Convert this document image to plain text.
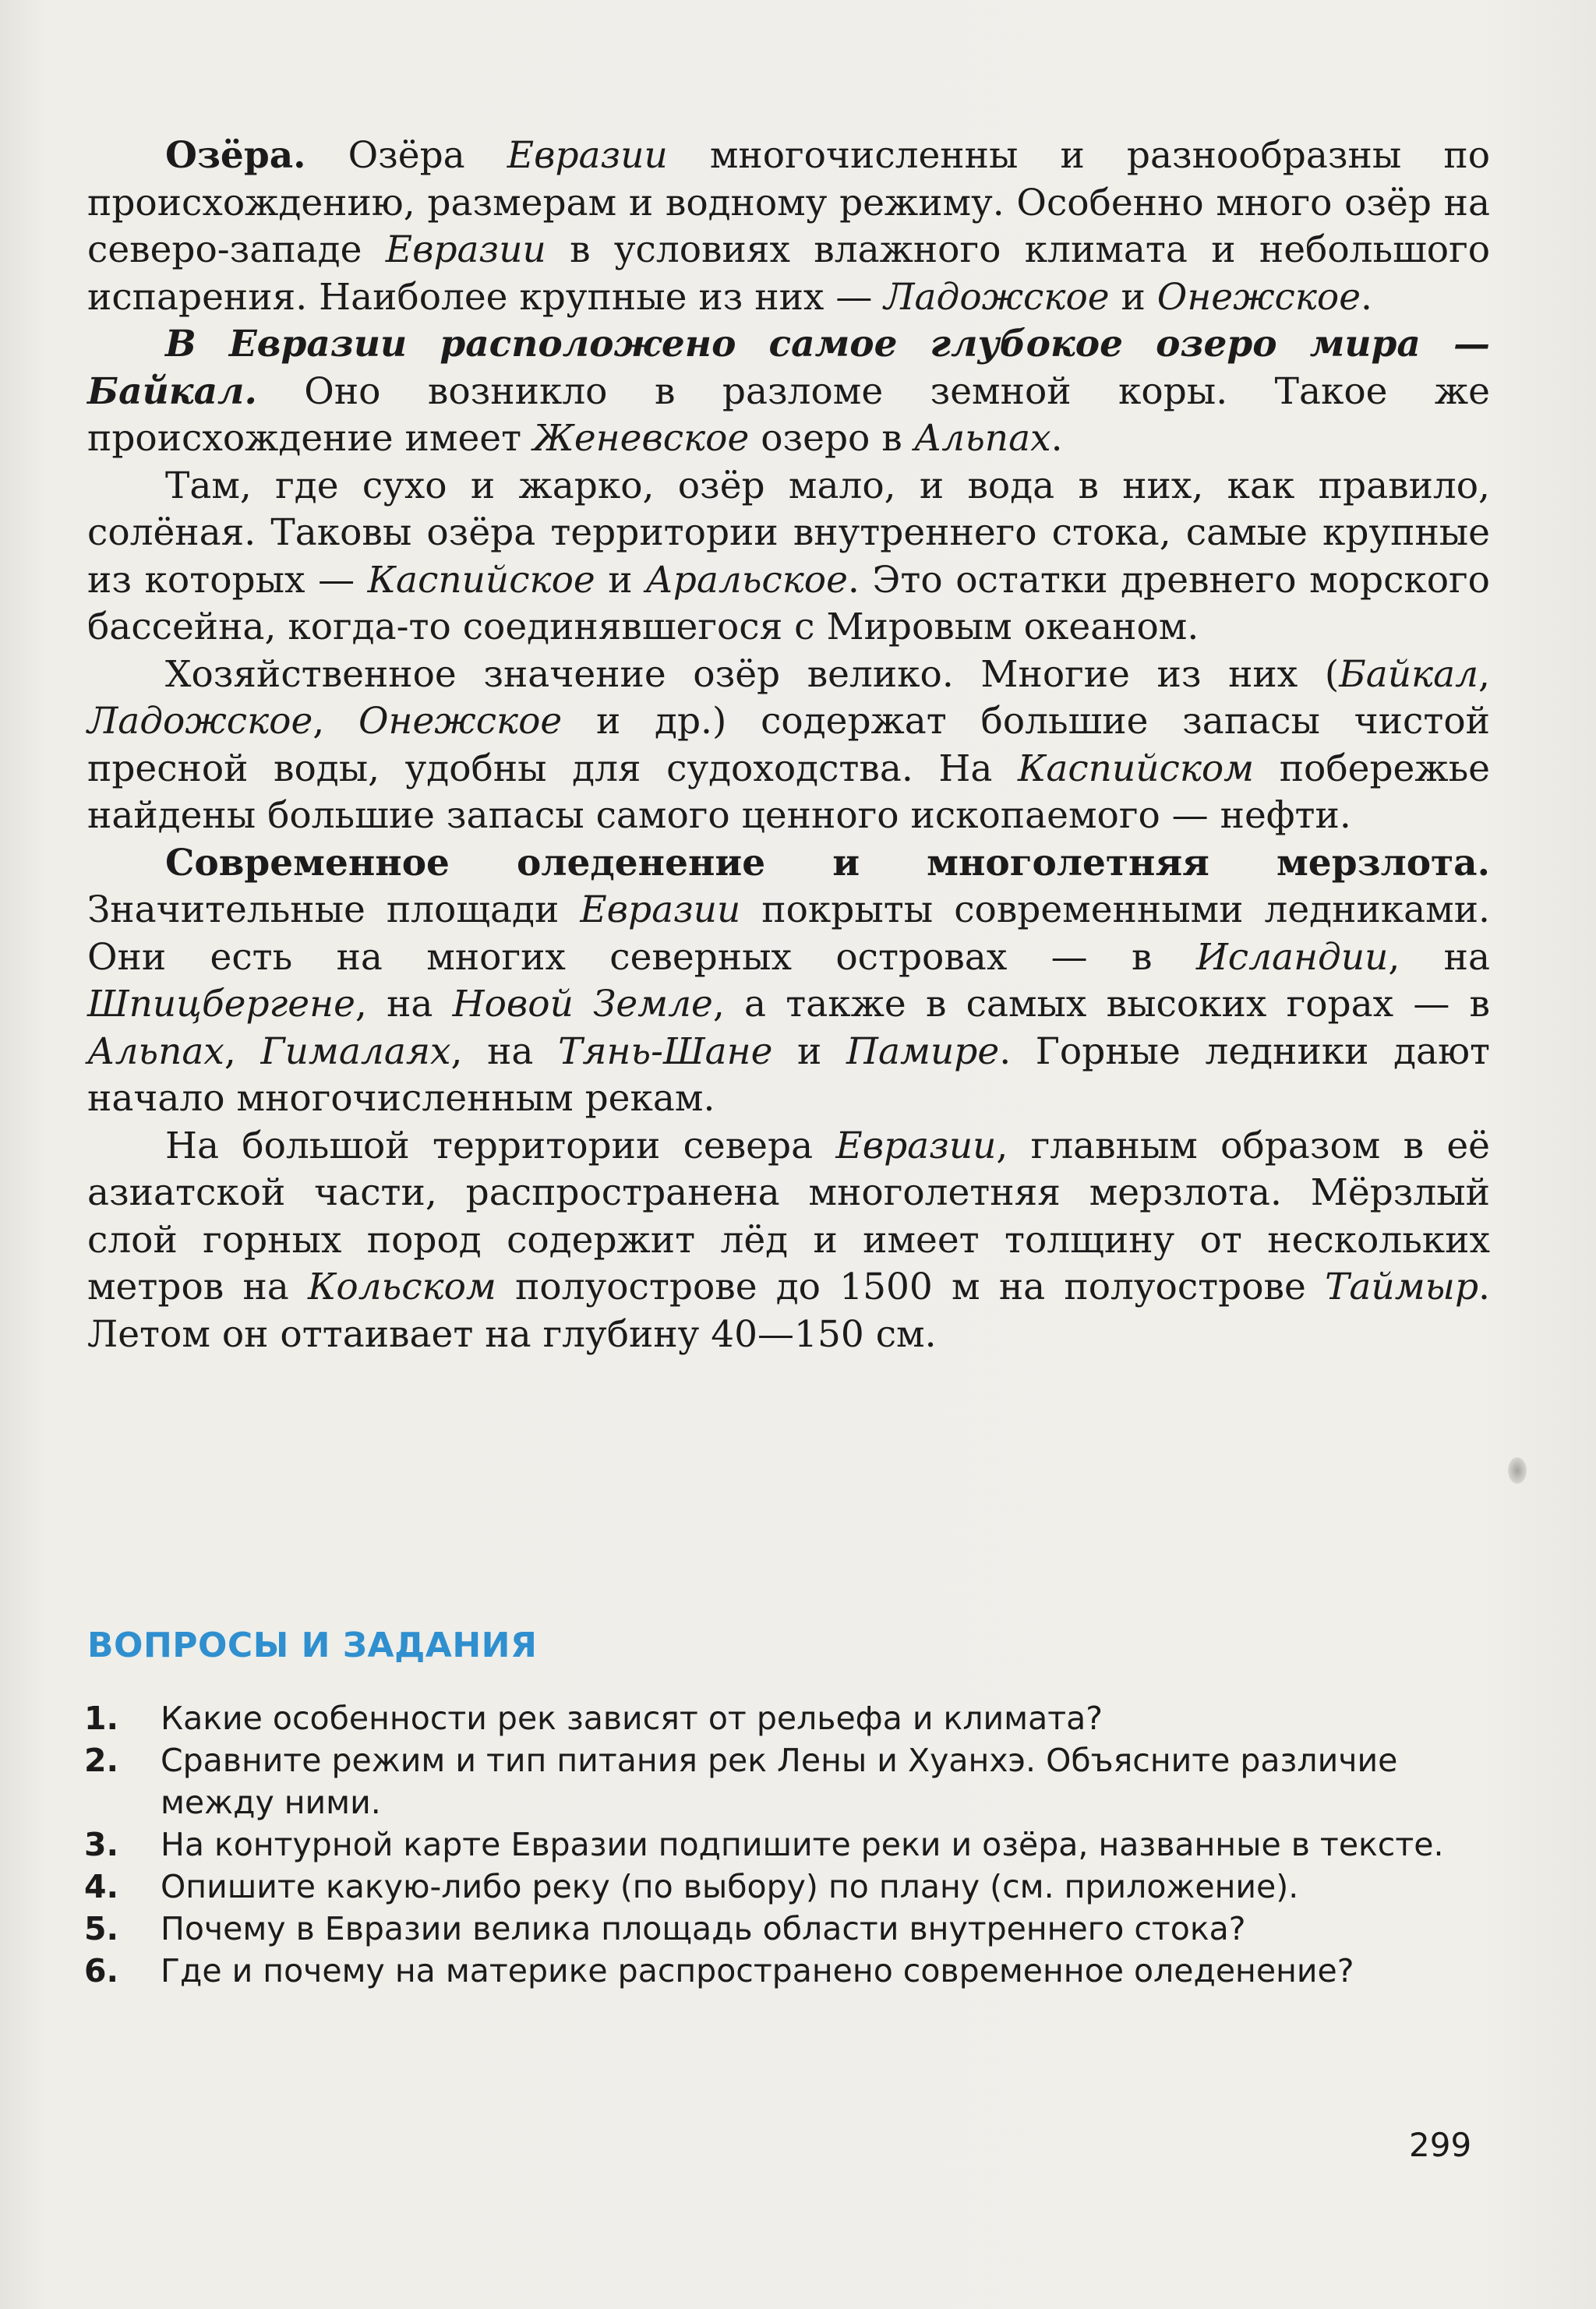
Озёра. Озёра Евразии многочисленны и разнообразны по происхождению, размерам и водному режиму. Особенно много озёр на северо-западе Евразии в условиях влажного климата и небольшого испарения. Наиболее крупные из них — Ладожское и Онежское.

В Евразии расположено самое глубокое озеро мира — Байкал. Оно возникло в разломе земной коры. Такое же происхождение имеет Женевское озеро в Альпах.

Там, где сухо и жарко, озёр мало, и вода в них, как правило, солёная. Таковы озёра территории внутреннего стока, самые крупные из которых — Каспийское и Аральское. Это остатки древнего морского бассейна, когда-то соединявшегося с Мировым океаном.

Хозяйственное значение озёр велико. Многие из них (Байкал, Ладожское, Онежское и др.) содержат большие запасы чистой пресной воды, удобны для судоходства. На Каспийском побережье найдены большие запасы самого ценного ископаемого — нефти.

Современное оледенение и многолетняя мерзлота. Значительные площади Евразии покрыты современными ледниками. Они есть на многих северных островах — в Исландии, на Шпицбергене, на Новой Земле, а также в самых высоких горах — в Альпах, Гималаях, на Тянь-Шане и Памире. Горные ледники дают начало многочисленным рекам.

На большой территории севера Евразии, главным образом в её азиатской части, распространена многолетняя мерзлота. Мёрзлый слой горных пород содержит лёд и имеет толщину от нескольких метров на Кольском полуострове до 1500 м на полуострове Таймыр. Летом он оттаивает на глубину 40—150 см.

ВОПРОСЫ И ЗАДАНИЯ
1.	Какие особенности рек зависят от рельефа и климата?
2.	Сравните режим и тип питания рек Лены и Хуанхэ. Объясните различие между ними.
3.	На контурной карте Евразии подпишите реки и озёра, названные в тексте.
4.	Опишите какую-либо реку (по выбору) по плану (см. приложение).
5.	Почему в Евразии велика площадь области внутреннего стока?
6.	Где и почему на материке распространено современное оледенение?
299
